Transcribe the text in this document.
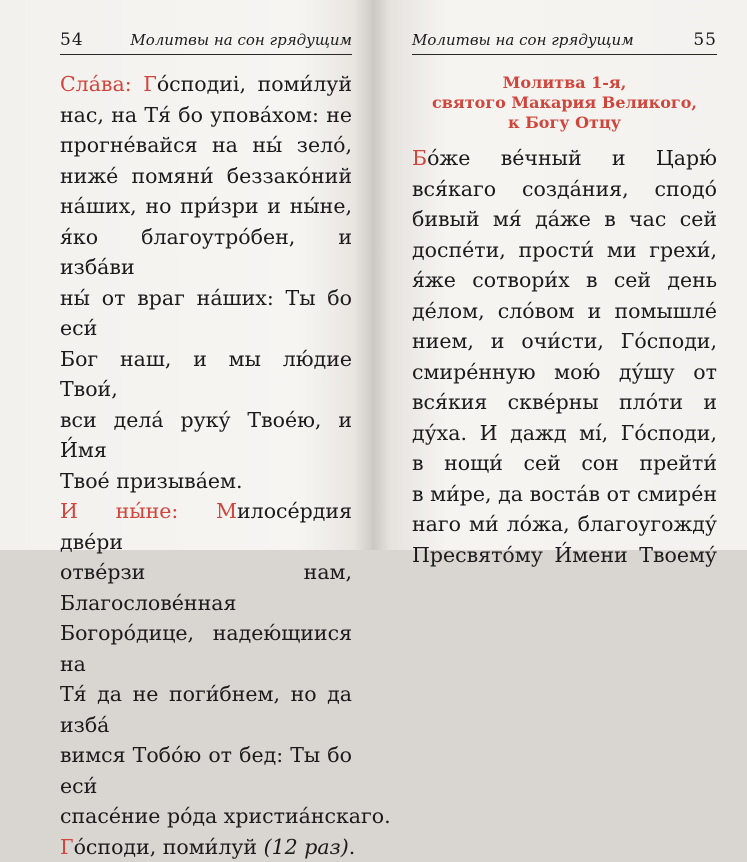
54	Молитвы на сон грядущим
Сла́ва: Го́сподиі, поми́луй
нас, на Тя́ бо упова́хом: не
прогне́вайся на ны́ зело́,
ниже́ помяни́ беззако́ний
на́ших, но при́зри и ны́не,
я́ко благоутро́бен, и изба́ви
ны́ от враг на́ших: Ты бо еси́
Бог наш, и мы лю́дие Твои́,
вси дела́ руку́ Твое́ю, и И́мя
Твое́ призыва́ем.
И ны́не: Милосе́рдия две́ри
отве́рзи нам, Благослове́нная
Богоро́дице, надею́щиися на
Тя́ да не поги́бнем, но да изба́
вимся Тобо́ю от бед: Ты бо еси́
спасе́ние ро́да христиа́нскаго.
Го́споди, поми́луй (12 раз).
Молитвы на сон грядущим	55
Молитва 1-я,
святого Макария Великого,
к Богу Отцу
Бо́же ве́чный и Царю́
вся́каго созда́ния, сподо́
бивый мя́ да́же в час сей
доспе́ти, прости́ ми грехи́,
я́же сотвори́х в сей день
де́лом, сло́вом и помышле́
нием, и очи́сти, Го́споди,
смире́нную мою́ ду́шу от
вся́кия скве́рны пло́ти и
ду́ха. И дажд мí, Го́споди,
в нощи́ сей сон прейти́
в ми́ре, да воста́в от смире́н
наго ми́ ло́жа, благоугожду́
Пресвято́му И́мени Твоему́
